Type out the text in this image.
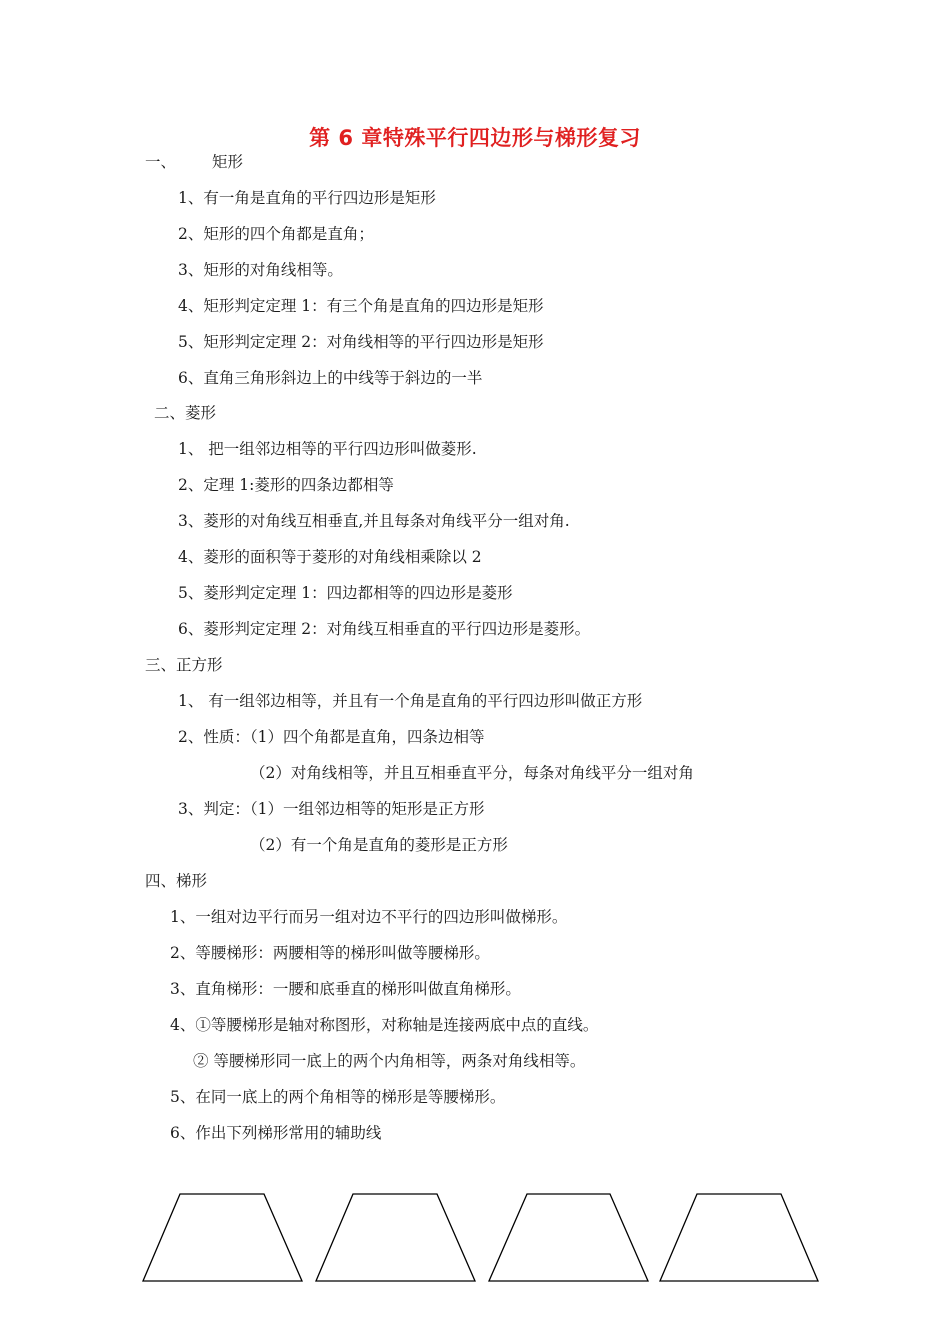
第 6 章特殊平行四边形与梯形复习
一、 矩形
1、有一角是直角的平行四边形是矩形
2、矩形的四个角都是直角；
3、矩形的对角线相等。
4、矩形判定定理 1：有三个角是直角的四边形是矩形
5、矩形判定定理 2：对角线相等的平行四边形是矩形
6、直角三角形斜边上的中线等于斜边的一半
二、菱形
1、 把一组邻边相等的平行四边形叫做菱形.
2、定理 1:菱形的四条边都相等
3、菱形的对角线互相垂直,并且每条对角线平分一组对角.
4、菱形的面积等于菱形的对角线相乘除以 2
5、菱形判定定理 1：四边都相等的四边形是菱形
6、菱形判定定理 2：对角线互相垂直的平行四边形是菱形。
三、正方形
1、 有一组邻边相等，并且有一个角是直角的平行四边形叫做正方形
2、性质：（1）四个角都是直角，四条边相等
（2）对角线相等，并且互相垂直平分，每条对角线平分一组对角
3、判定：（1）一组邻边相等的矩形是正方形
（2）有一个角是直角的菱形是正方形
四、梯形
1、一组对边平行而另一组对边不平行的四边形叫做梯形。
2、等腰梯形：两腰相等的梯形叫做等腰梯形。
3、直角梯形：一腰和底垂直的梯形叫做直角梯形。
4、①等腰梯形是轴对称图形，对称轴是连接两底中点的直线。
② 等腰梯形同一底上的两个内角相等，两条对角线相等。
5、在同一底上的两个角相等的梯形是等腰梯形。
6、作出下列梯形常用的辅助线
